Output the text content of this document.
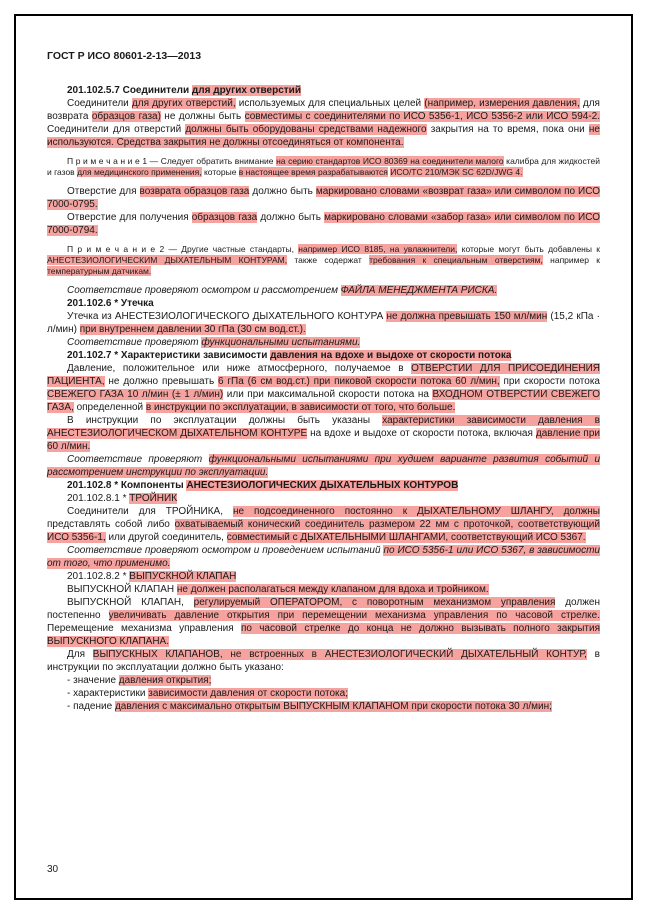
ГОСТ Р ИСО 80601-2-13—2013

201.102.5.7 Соединители для других отверстий

Соединители для других отверстий, используемых для специальных целей (например, измерения давления, для возврата образцов газа) не должны быть совместимы с соединителями по ИСО 5356-1, ИСО 5356-2 или ИСО 594-2. Соединители для отверстий должны быть оборудованы средствами надежного закрытия на то время, пока они не используются. Средства закрытия не должны отсоединяться от компонента.

П р и м е ч а н и е 1 — Следует обратить внимание на серию стандартов ИСО 80369 на соединители малого калибра для жидкостей и газов для медицинского применения, которые в настоящее время разрабатываются ИСО/ТС 210/МЭК SC 62D/JWG 4.

Отверстие для возврата образцов газа должно быть маркировано словами «возврат газа» или символом по ИСО 7000-0795.

Отверстие для получения образцов газа должно быть маркировано словами «забор газа» или символом по ИСО 7000-0794.

П р и м е ч а н и е 2 — Другие частные стандарты, например ИСО 8185, на увлажнители, которые могут быть добавлены к АНЕСТЕЗИОЛОГИЧЕСКИМ ДЫХАТЕЛЬНЫМ КОНТУРАМ, также содержат требования к специальным отверстиям, например к температурным датчикам.

Соответствие проверяют осмотром и рассмотрением ФАЙЛА МЕНЕДЖМЕНТА РИСКА.

201.102.6 * Утечка

Утечка из АНЕСТЕЗИОЛОГИЧЕСКОГО ДЫХАТЕЛЬНОГО КОНТУРА не должна превышать 150 мл/мин (15,2 кПа · л/мин) при внутреннем давлении 30 гПа (30 см вод.ст.).

Соответствие проверяют функциональными испытаниями.

201.102.7 * Характеристики зависимости давления на вдохе и выдохе от скорости потока

Давление, положительное или ниже атмосферного, получаемое в ОТВЕРСТИИ ДЛЯ ПРИСОЕДИНЕНИЯ ПАЦИЕНТА, не должно превышать 6 гПа (6 см вод.ст.) при пиковой скорости потока 60 л/мин, при скорости потока СВЕЖЕГО ГАЗА 10 л/мин (± 1 л/мин) или при максимальной скорости потока на ВХОДНОМ ОТВЕРСТИИ СВЕЖЕГО ГАЗА, определенной в инструкции по эксплуатации, в зависимости от того, что больше.

В инструкции по эксплуатации должны быть указаны характеристики зависимости давления в АНЕСТЕЗИОЛОГИЧЕСКОМ ДЫХАТЕЛЬНОМ КОНТУРЕ на вдохе и выдохе от скорости потока, включая давление при 60 л/мин.

Соответствие проверяют функциональными испытаниями при худшем варианте развития событий и рассмотрением инструкции по эксплуатации.

201.102.8 * Компоненты АНЕСТЕЗИОЛОГИЧЕСКИХ ДЫХАТЕЛЬНЫХ КОНТУРОВ

201.102.8.1 * ТРОЙНИК

Соединители для ТРОЙНИКА, не подсоединенного постоянно к ДЫХАТЕЛЬНОМУ ШЛАНГУ, должны представлять собой либо охватываемый конический соединитель размером 22 мм с проточкой, соответствующий ИСО 5356-1, или другой соединитель, совместимый с ДЫХАТЕЛЬНЫМИ ШЛАНГАМИ, соответствующий ИСО 5367.

Соответствие проверяют осмотром и проведением испытаний по ИСО 5356-1 или ИСО 5367, в зависимости от того, что применимо.

201.102.8.2 * ВЫПУСКНОЙ КЛАПАН

ВЫПУСКНОЙ КЛАПАН не должен располагаться между клапаном для вдоха и тройником.

ВЫПУСКНОЙ КЛАПАН, регулируемый ОПЕРАТОРОМ, с поворотным механизмом управления должен постепенно увеличивать давление открытия при перемещении механизма управления по часовой стрелке. Перемещение механизма управления по часовой стрелке до конца не должно вызывать полного закрытия ВЫПУСКНОГО КЛАПАНА.

Для ВЫПУСКНЫХ КЛАПАНОВ, не встроенных в АНЕСТЕЗИОЛОГИЧЕСКИЙ ДЫХАТЕЛЬНЫЙ КОНТУР, в инструкции по эксплуатации должно быть указано:

- значение давления открытия;

- характеристики зависимости давления от скорости потока;

- падение давления с максимально открытым ВЫПУСКНЫМ КЛАПАНОМ при скорости потока 30 л/мин;

30
